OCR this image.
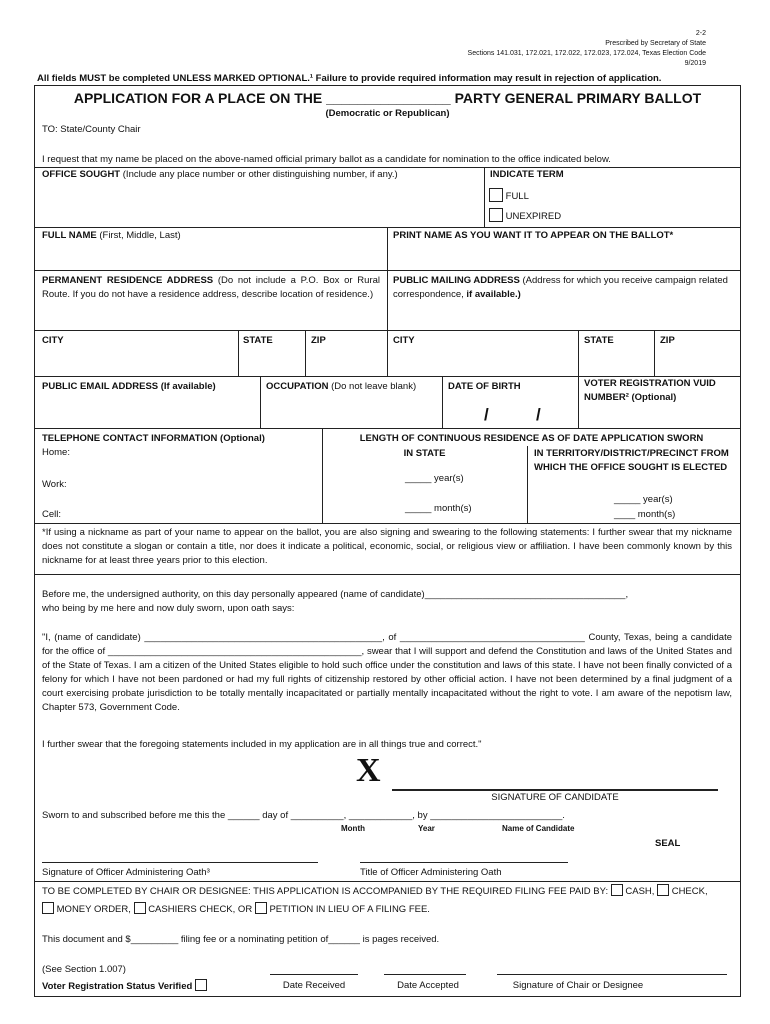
2-2
Prescribed by Secretary of State
Sections 141.031, 172.021, 172.022, 172.023, 172.024, Texas Election Code
9/2019
All fields MUST be completed UNLESS MARKED OPTIONAL.¹ Failure to provide required information may result in rejection of application.
APPLICATION FOR A PLACE ON THE ________________ PARTY GENERAL PRIMARY BALLOT
(Democratic or Republican)
TO: State/County Chair
I request that my name be placed on the above-named official primary ballot as a candidate for nomination to the office indicated below.
OFFICE SOUGHT (Include any place number or other distinguishing number, if any.)	INDICATE TERM
FULL
UNEXPIRED
FULL NAME (First, Middle, Last)	PRINT NAME AS YOU WANT IT TO APPEAR ON THE BALLOT*
PERMANENT RESIDENCE ADDRESS (Do not include a P.O. Box or Rural Route. If you do not have a residence address, describe location of residence.)
PUBLIC MAILING ADDRESS (Address for which you receive campaign related correspondence, if available.)
CITY	STATE	ZIP	CITY	STATE	ZIP
PUBLIC EMAIL ADDRESS (If available)	OCCUPATION (Do not leave blank)	DATE OF BIRTH
/          /
VOTER REGISTRATION VUID NUMBER² (Optional)
TELEPHONE CONTACT INFORMATION (Optional)
Home:
Work:
Cell:
LENGTH OF CONTINUOUS RESIDENCE AS OF DATE APPLICATION SWORN
IN STATE
_____ year(s)
_____ month(s)
IN TERRITORY/DISTRICT/PRECINCT FROM WHICH THE OFFICE SOUGHT IS ELECTED
_____ year(s)
____ month(s)
*If using a nickname as part of your name to appear on the ballot, you are also signing and swearing to the following statements: I further swear that my nickname does not constitute a slogan or contain a title, nor does it indicate a political, economic, social, or religious view or affiliation. I have been commonly known by this nickname for at least three years prior to this election.
Before me, the undersigned authority, on this day personally appeared (name of candidate)______________________________________,
who being by me here and now duly sworn, upon oath says:
"I, (name of candidate) _____________________________________________, of ___________________________________ County, Texas, being a candidate for the office of ________________________________________________, swear that I will support and defend the Constitution and laws of the United States and of the State of Texas. I am a citizen of the United States eligible to hold such office under the constitution and laws of this state. I have not been finally convicted of a felony for which I have not been pardoned or had my full rights of citizenship restored by other official action. I have not been determined by a final judgment of a court exercising probate jurisdiction to be totally mentally incapacitated or partially mentally incapacitated without the right to vote. I am aware of the nepotism law, Chapter 573, Government Code.
I further swear that the foregoing statements included in my application are in all things true and correct."
X
SIGNATURE OF CANDIDATE
Sworn to and subscribed before me this the ______ day of __________, ____________, by _________________________.
Month	Year	Name of Candidate
SEAL
Signature of Officer Administering Oath³	Title of Officer Administering Oath
TO BE COMPLETED BY CHAIR OR DESIGNEE: THIS APPLICATION IS ACCOMPANIED BY THE REQUIRED FILING FEE PAID BY: CASH, CHECK,
MONEY ORDER, CASHIERS CHECK, OR PETITION IN LIEU OF A FILING FEE.
This document and $_________ filing fee or a nominating petition of______ is pages received.
(See Section 1.007)
Voter Registration Status Verified	Date Received	Date Accepted	Signature of Chair or Designee
